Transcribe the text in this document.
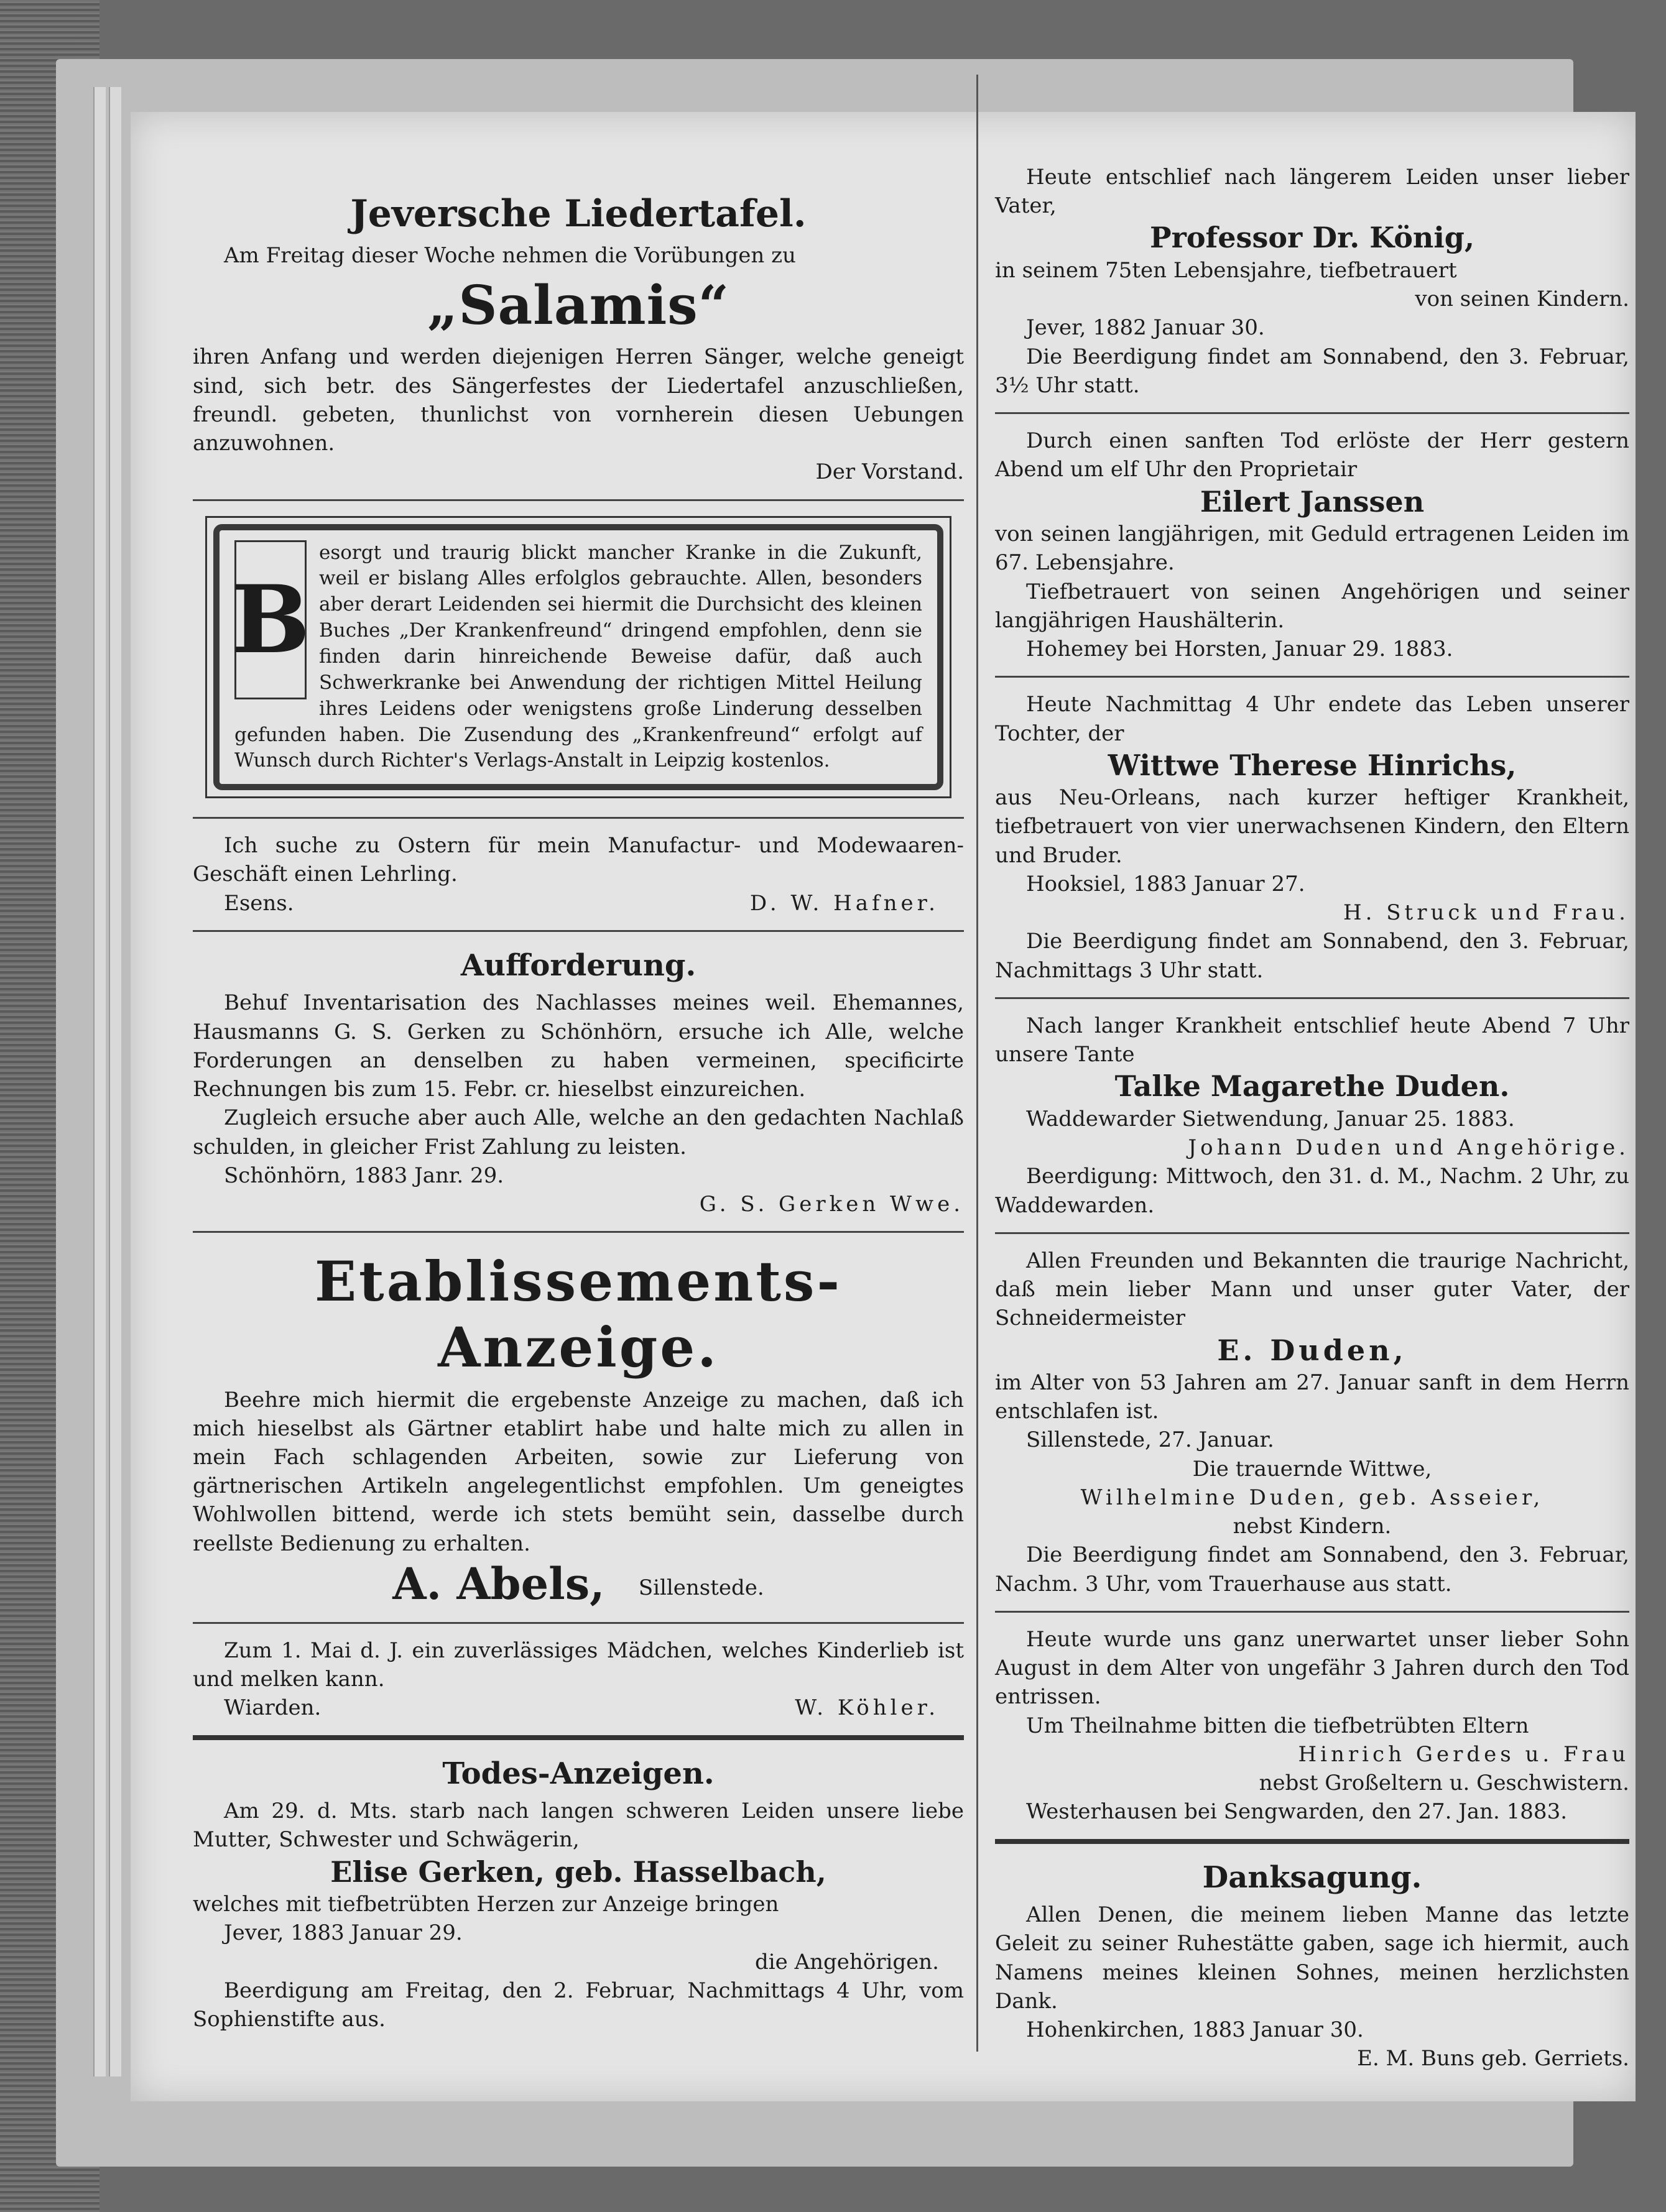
Jeversche Liedertafel.

Am Freitag dieser Woche nehmen die Vorübungen zu

„Salamis“

ihren Anfang und werden diejenigen Herren Sänger, welche geneigt sind, sich betr. des Sängerfestes der Liedertafel anzuschließen, freundl. gebeten, thunlichst von vornherein diesen Uebungen anzuwohnen.

Der Vorstand.

B

esorgt und traurig blickt mancher Kranke in die Zukunft, weil er bislang Alles erfolglos gebrauchte. Allen, besonders aber derart Leidenden sei hiermit die Durchsicht des kleinen Buches „Der Krankenfreund“ dringend empfohlen, denn sie finden darin hinreichende Beweise dafür, daß auch Schwerkranke bei Anwendung der richtigen Mittel Heilung ihres Leidens oder wenigstens große Linderung desselben gefunden haben. Die Zusendung des „Krankenfreund“ erfolgt auf Wunsch durch Richter's Verlags-Anstalt in Leipzig kostenlos.

Ich suche zu Ostern für mein Manufactur- und Modewaaren-Geschäft einen Lehrling.

Esens.	D. W. Hafner.

Aufforderung.

Behuf Inventarisation des Nachlasses meines weil. Ehemannes, Hausmanns G. S. Gerken zu Schönhörn, ersuche ich Alle, welche Forderungen an denselben zu haben vermeinen, specificirte Rechnungen bis zum 15. Febr. cr. hieselbst einzureichen.

Zugleich ersuche aber auch Alle, welche an den gedachten Nachlaß schulden, in gleicher Frist Zahlung zu leisten.

Schönhörn, 1883 Janr. 29.

G. S. Gerken Wwe.

Etablissements-Anzeige.

Beehre mich hiermit die ergebenste Anzeige zu machen, daß ich mich hieselbst als Gärtner etablirt habe und halte mich zu allen in mein Fach schlagenden Arbeiten, sowie zur Lieferung von gärtnerischen Artikeln angelegentlichst empfohlen. Um geneigtes Wohlwollen bittend, werde ich stets bemüht sein, dasselbe durch reellste Bedienung zu erhalten.

A. Abels, Sillenstede.

Zum 1. Mai d. J. ein zuverlässiges Mädchen, welches Kinderlieb ist und melken kann.

Wiarden.	W. Köhler.

Todes-Anzeigen.

Am 29. d. Mts. starb nach langen schweren Leiden unsere liebe Mutter, Schwester und Schwägerin,

Elise Gerken, geb. Hasselbach,

welches mit tiefbetrübten Herzen zur Anzeige bringen

Jever, 1883 Januar 29.

die Angehörigen.

Beerdigung am Freitag, den 2. Februar, Nachmittags 4 Uhr, vom Sophienstifte aus.

Heute entschlief nach längerem Leiden unser lieber Vater,

Professor Dr. König,

in seinem 75ten Lebensjahre, tiefbetrauert

von seinen Kindern.

Jever, 1882 Januar 30.

Die Beerdigung findet am Sonnabend, den 3. Februar, 3½ Uhr statt.

Durch einen sanften Tod erlöste der Herr gestern Abend um elf Uhr den Proprietair

Eilert Janssen

von seinen langjährigen, mit Geduld ertragenen Leiden im 67. Lebensjahre.

Tiefbetrauert von seinen Angehörigen und seiner langjährigen Haushälterin.

Hohemey bei Horsten, Januar 29. 1883.

Heute Nachmittag 4 Uhr endete das Leben unserer Tochter, der

Wittwe Therese Hinrichs,

aus Neu-Orleans, nach kurzer heftiger Krankheit, tiefbetrauert von vier unerwachsenen Kindern, den Eltern und Bruder.

Hooksiel, 1883 Januar 27.

H. Struck und Frau.

Die Beerdigung findet am Sonnabend, den 3. Februar, Nachmittags 3 Uhr statt.

Nach langer Krankheit entschlief heute Abend 7 Uhr unsere Tante

Talke Magarethe Duden.

Waddewarder Sietwendung, Januar 25. 1883.

Johann Duden und Angehörige.

Beerdigung: Mittwoch, den 31. d. M., Nachm. 2 Uhr, zu Waddewarden.

Allen Freunden und Bekannten die traurige Nachricht, daß mein lieber Mann und unser guter Vater, der Schneidermeister

E. Duden,

im Alter von 53 Jahren am 27. Januar sanft in dem Herrn entschlafen ist.

Sillenstede, 27. Januar.

Die trauernde Wittwe,

Wilhelmine Duden, geb. Asseier,

nebst Kindern.

Die Beerdigung findet am Sonnabend, den 3. Februar, Nachm. 3 Uhr, vom Trauerhause aus statt.

Heute wurde uns ganz unerwartet unser lieber Sohn August in dem Alter von ungefähr 3 Jahren durch den Tod entrissen.

Um Theilnahme bitten die tiefbetrübten Eltern

Hinrich Gerdes u. Frau

nebst Großeltern u. Geschwistern.

Westerhausen bei Sengwarden, den 27. Jan. 1883.

Danksagung.

Allen Denen, die meinem lieben Manne das letzte Geleit zu seiner Ruhestätte gaben, sage ich hiermit, auch Namens meines kleinen Sohnes, meinen herzlichsten Dank.

Hohenkirchen, 1883 Januar 30.

E. M. Buns geb. Gerriets.
